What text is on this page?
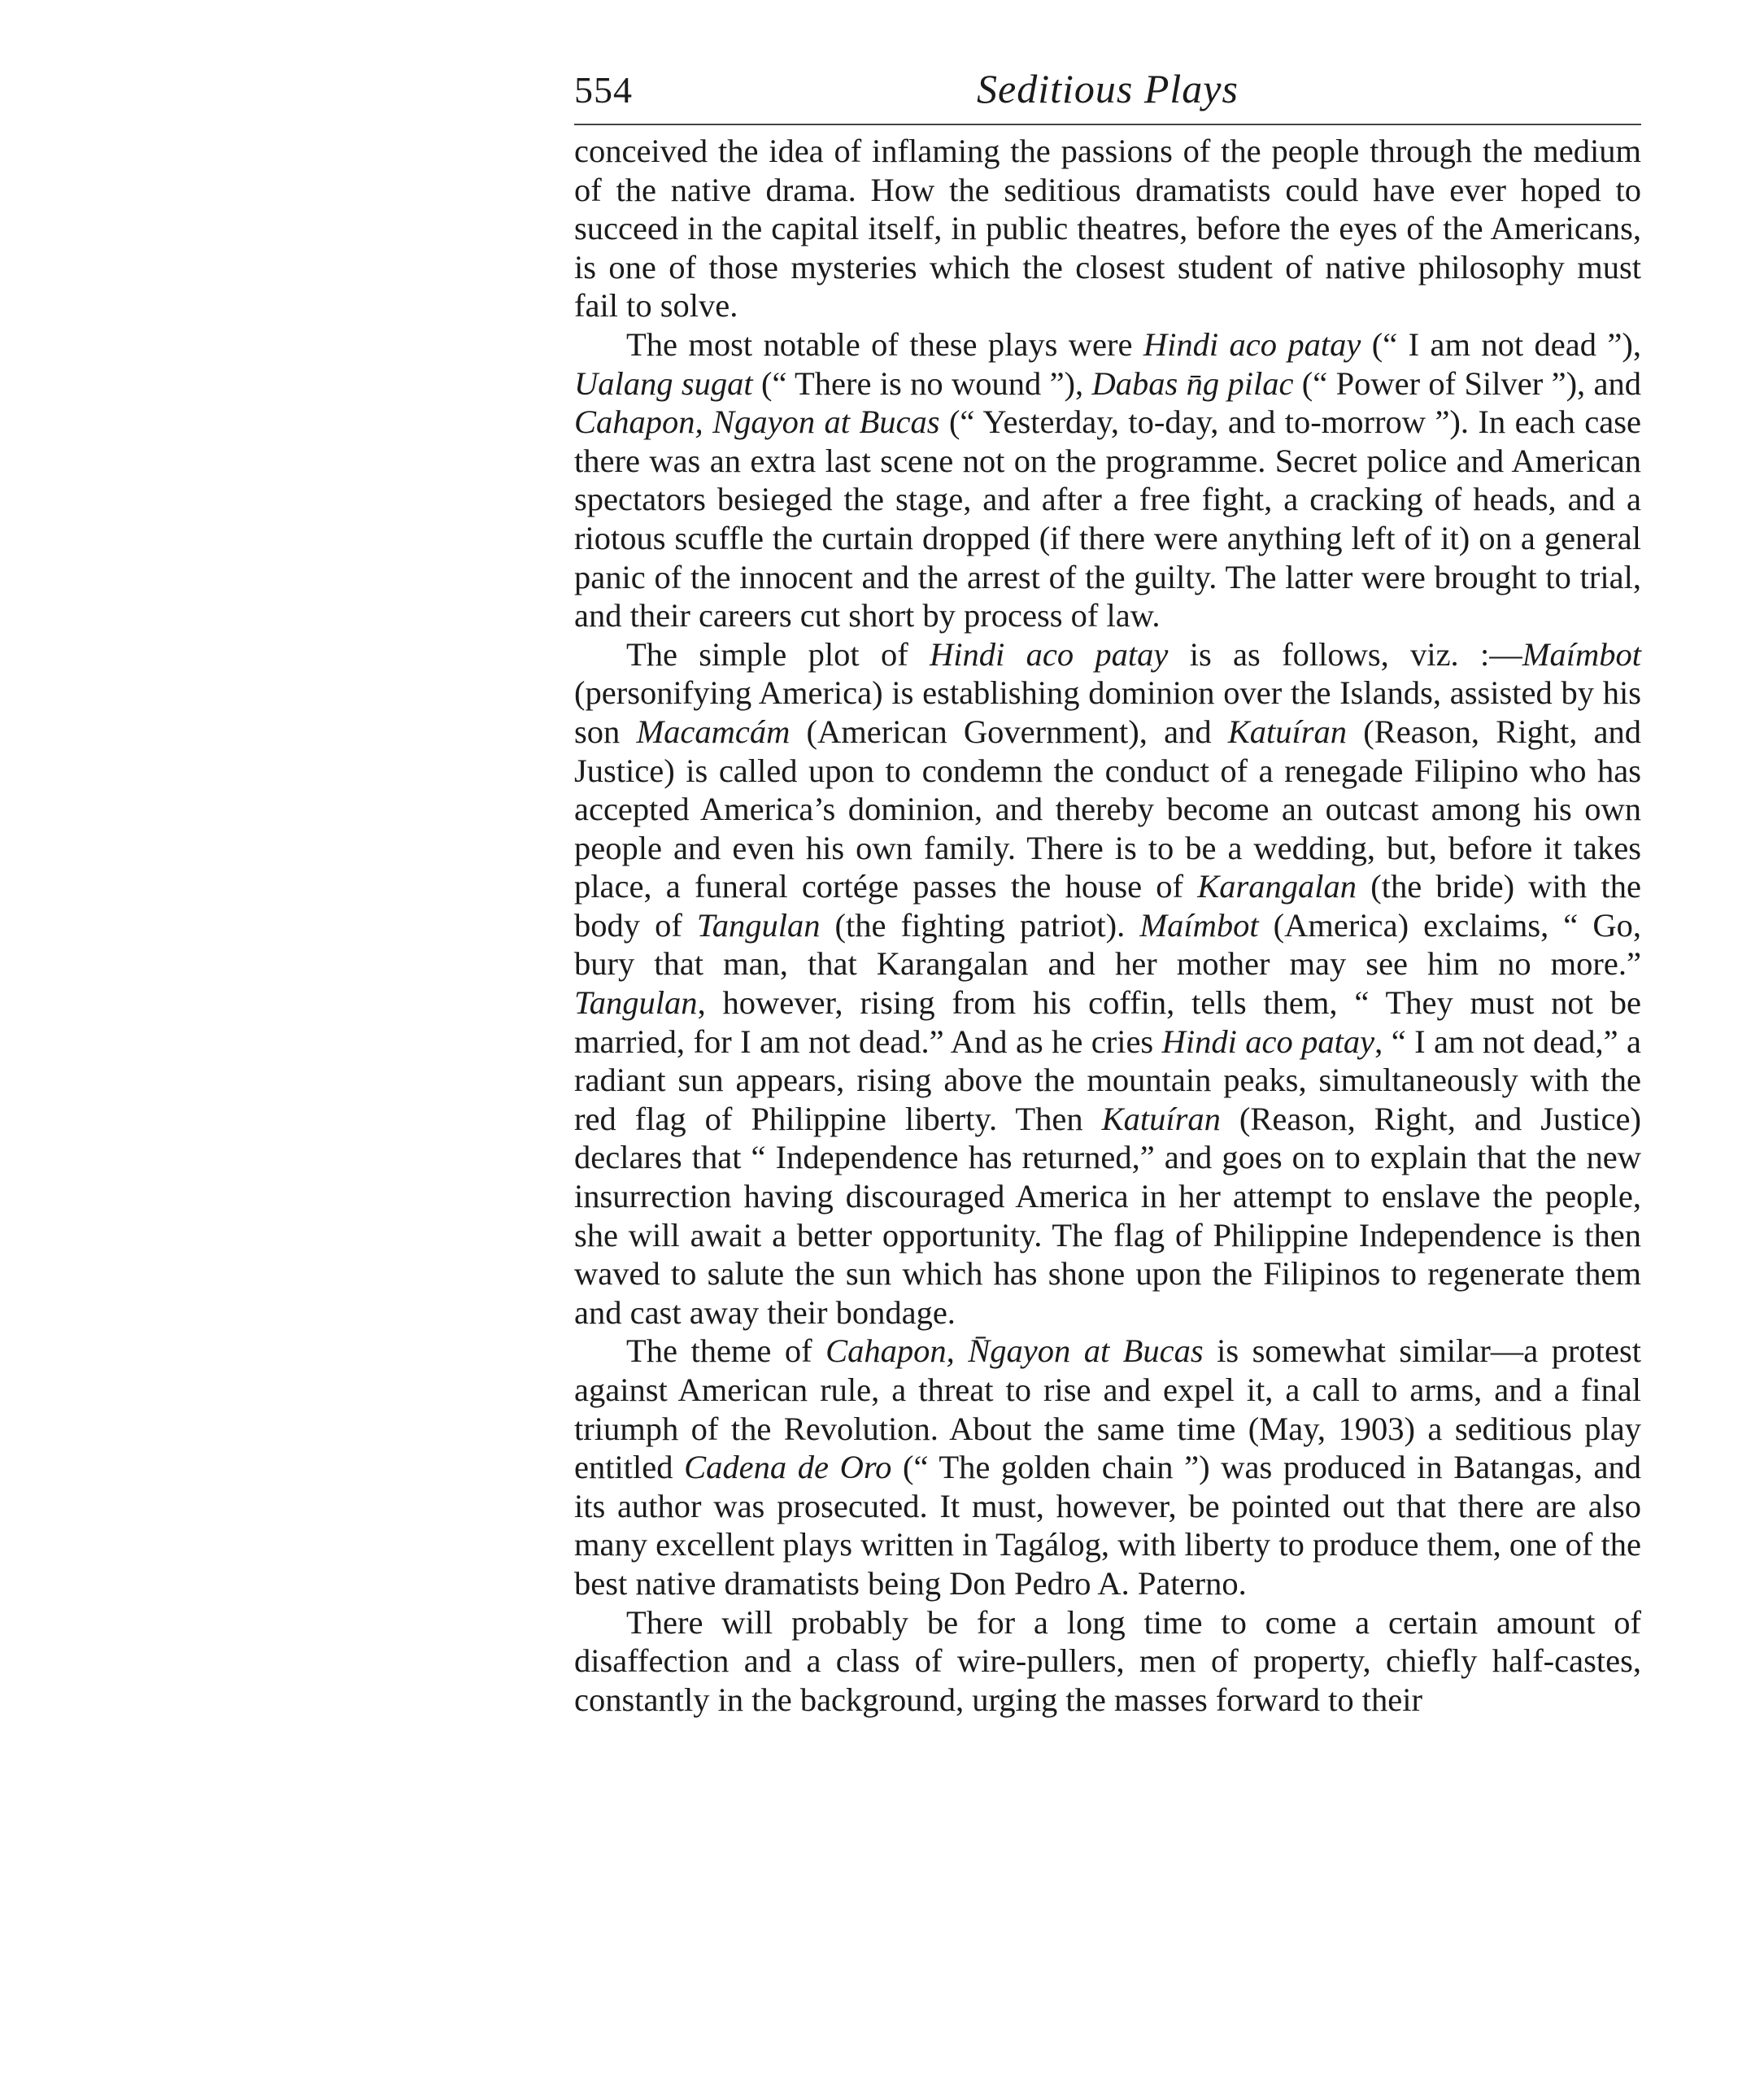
554	Seditious Plays

conceived the idea of inflaming the passions of the people through the medium of the native drama. How the seditious dramatists could have ever hoped to succeed in the capital itself, in public theatres, before the eyes of the Americans, is one of those mysteries which the closest student of native philosophy must fail to solve.

The most notable of these plays were Hindi aco patay (“ I am not dead ”), Ualang sugat (“ There is no wound ”), Dabas n̄g pilac (“ Power of Silver ”), and Cahapon, Ngayon at Bucas (“ Yesterday, to-day, and to-morrow ”). In each case there was an extra last scene not on the programme. Secret police and American spectators besieged the stage, and after a free fight, a cracking of heads, and a riotous scuffle the curtain dropped (if there were anything left of it) on a general panic of the innocent and the arrest of the guilty. The latter were brought to trial, and their careers cut short by process of law.

The simple plot of Hindi aco patay is as follows, viz. :—Maímbot (personifying America) is establishing dominion over the Islands, assisted by his son Macamcám (American Government), and Katuíran (Reason, Right, and Justice) is called upon to condemn the conduct of a renegade Filipino who has accepted America’s dominion, and thereby become an outcast among his own people and even his own family. There is to be a wedding, but, before it takes place, a funeral cortége passes the house of Karangalan (the bride) with the body of Tangulan (the fighting patriot). Maímbot (America) exclaims, “ Go, bury that man, that Karangalan and her mother may see him no more.” Tangulan, however, rising from his coffin, tells them, “ They must not be married, for I am not dead.” And as he cries Hindi aco patay, “ I am not dead,” a radiant sun appears, rising above the mountain peaks, simultaneously with the red flag of Philippine liberty. Then Katuíran (Reason, Right, and Justice) declares that “ Independence has returned,” and goes on to explain that the new insurrection having discouraged America in her attempt to enslave the people, she will await a better opportunity. The flag of Philippine Independence is then waved to salute the sun which has shone upon the Filipinos to regenerate them and cast away their bondage.

The theme of Cahapon, N̄gayon at Bucas is somewhat similar—a protest against American rule, a threat to rise and expel it, a call to arms, and a final triumph of the Revolution. About the same time (May, 1903) a seditious play entitled Cadena de Oro (“ The golden chain ”) was produced in Batangas, and its author was prosecuted. It must, however, be pointed out that there are also many excellent plays written in Tagálog, with liberty to produce them, one of the best native dramatists being Don Pedro A. Paterno.

There will probably be for a long time to come a certain amount of disaffection and a class of wire-pullers, men of property, chiefly half-castes, constantly in the background, urging the masses forward to their
